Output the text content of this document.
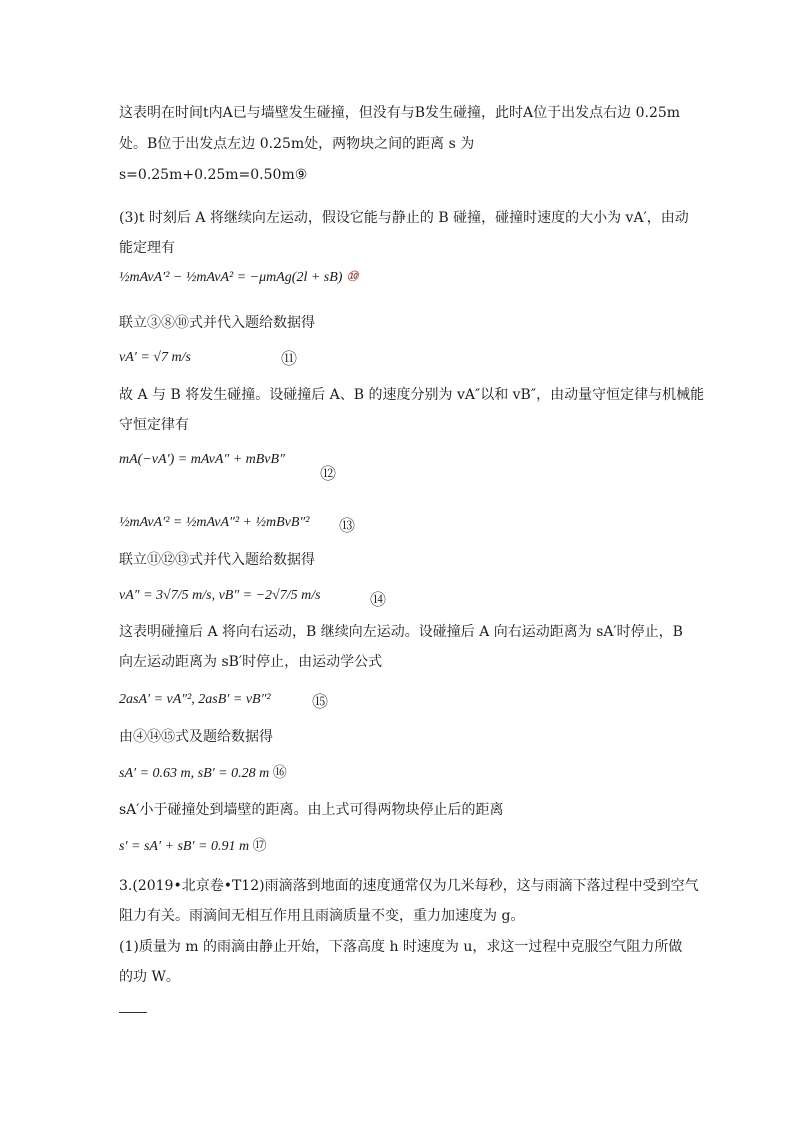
这表明在时间t内A已与墙壁发生碰撞，但没有与B发生碰撞，此时A位于出发点右边 0.25m
处。B位于出发点左边 0.25m处，两物块之间的距离 s 为
s=0.25m+0.25m=0.50m⑨
(3)t 时刻后 A 将继续向左运动，假设它能与静止的 B 碰撞，碰撞时速度的大小为 vA′，由动
能定理有
½mAvA′² − ½mAvA² = −μmAg(2l + sB) ⑩
联立③⑧⑩式并代入题给数据得
vA′ = √7 m/s	⑪
故 A 与 B 将发生碰撞。设碰撞后 A、B 的速度分别为 vA″以和 vB″，由动量守恒定律与机械能
守恒定律有
mA(−vA′) = mAvA″ + mBvB″
⑫
½mAvA′² = ½mAvA″² + ½mBvB″² ⑬
联立⑪⑫⑬式并代入题给数据得
vA″ = 3√7/5 m/s, vB″ = −2√7/5 m/s	⑭
这表明碰撞后 A 将向右运动，B 继续向左运动。设碰撞后 A 向右运动距离为 sA′时停止，B
向左运动距离为 sB′时停止，由运动学公式
2asA′ = vA″², 2asB′ = vB″²	⑮
由④⑭⑮式及题给数据得
sA′ = 0.63 m, sB′ = 0.28 m ⑯
sA′小于碰撞处到墙壁的距离。由上式可得两物块停止后的距离
s′ = sA′ + sB′ = 0.91 m ⑰
3.(2019•北京卷•T12)雨滴落到地面的速度通常仅为几米每秒，这与雨滴下落过程中受到空气
阻力有关。雨滴间无相互作用且雨滴质量不变，重力加速度为 g。
(1)质量为 m 的雨滴由静止开始，下落高度 h 时速度为 u，求这一过程中克服空气阻力所做
的功 W。
